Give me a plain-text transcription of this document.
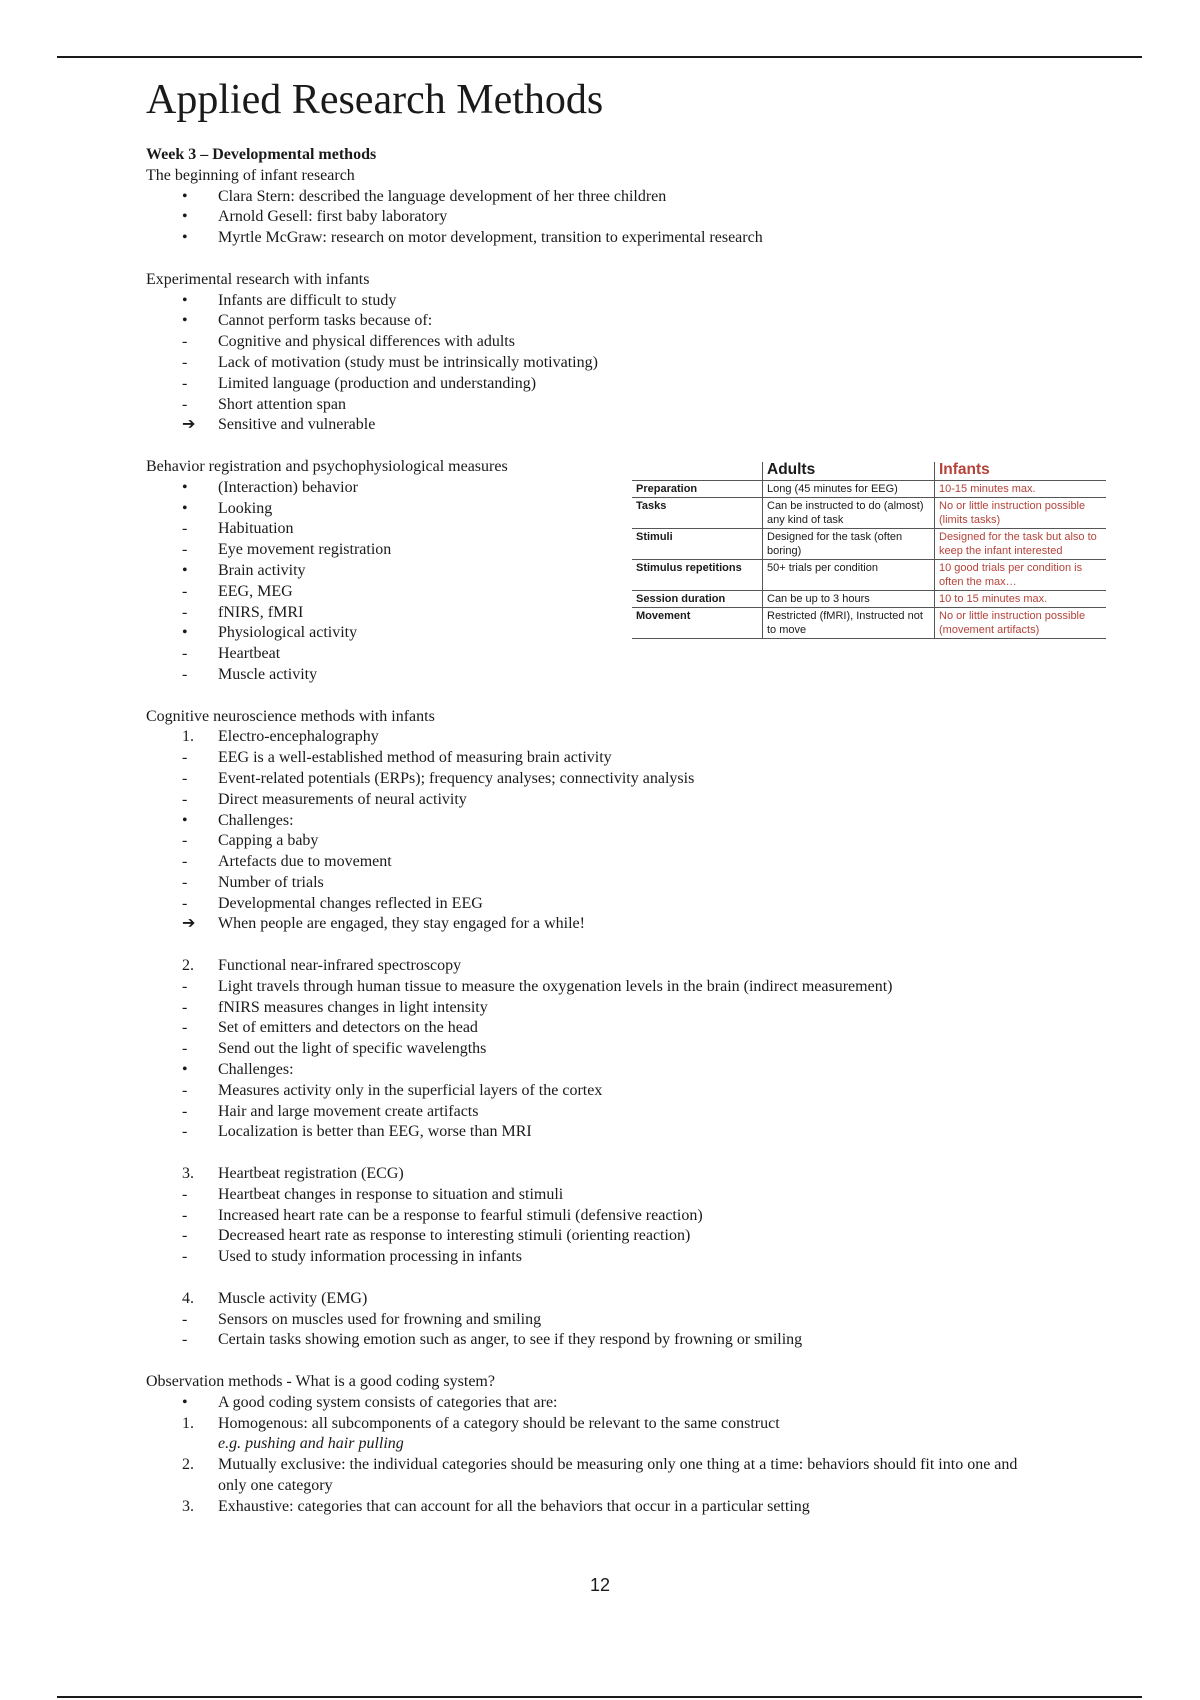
Applied Research Methods
Week 3 – Developmental methods
The beginning of infant research
• Clara Stern: described the language development of her three children
• Arnold Gesell: first baby laboratory
• Myrtle McGraw: research on motor development, transition to experimental research
Experimental research with infants
• Infants are difficult to study
• Cannot perform tasks because of:
- Cognitive and physical differences with adults
- Lack of motivation (study must be intrinsically motivating)
- Limited language (production and understanding)
- Short attention span
➔ Sensitive and vulnerable
Behavior registration and psychophysiological measures
• (Interaction) behavior
• Looking
- Habituation
- Eye movement registration
• Brain activity
- EEG, MEG
- fNIRS, fMRI
• Physiological activity
- Heartbeat
- Muscle activity
Cognitive neuroscience methods with infants
1. Electro-encephalography
- EEG is a well-established method of measuring brain activity
- Event-related potentials (ERPs); frequency analyses; connectivity analysis
- Direct measurements of neural activity
• Challenges:
- Capping a baby
- Artefacts due to movement
- Number of trials
- Developmental changes reflected in EEG
➔ When people are engaged, they stay engaged for a while!
2. Functional near-infrared spectroscopy
- Light travels through human tissue to measure the oxygenation levels in the brain (indirect measurement)
- fNIRS measures changes in light intensity
- Set of emitters and detectors on the head
- Send out the light of specific wavelengths
• Challenges:
- Measures activity only in the superficial layers of the cortex
- Hair and large movement create artifacts
- Localization is better than EEG, worse than MRI
3. Heartbeat registration (ECG)
- Heartbeat changes in response to situation and stimuli
- Increased heart rate can be a response to fearful stimuli (defensive reaction)
- Decreased heart rate as response to interesting stimuli (orienting reaction)
- Used to study information processing in infants
4. Muscle activity (EMG)
- Sensors on muscles used for frowning and smiling
- Certain tasks showing emotion such as anger, to see if they respond by frowning or smiling
Observation methods - What is a good coding system?
• A good coding system consists of categories that are:
1. Homogenous: all subcomponents of a category should be relevant to the same construct
e.g. pushing and hair pulling
2. Mutually exclusive: the individual categories should be measuring only one thing at a time: behaviors should fit into one and only one category
3. Exhaustive: categories that can account for all the behaviors that occur in a particular setting
	Adults	Infants
Preparation	Long (45 minutes for EEG)	10-15 minutes max.
Tasks	Can be instructed to do (almost) any kind of task	No or little instruction possible (limits tasks)
Stimuli	Designed for the task (often boring)	Designed for the task but also to keep the infant interested
Stimulus repetitions	50+ trials per condition	10 good trials per condition is often the max…
Session duration	Can be up to 3 hours	10 to 15 minutes max.
Movement	Restricted (fMRI), Instructed not to move	No or little instruction possible (movement artifacts)
12
